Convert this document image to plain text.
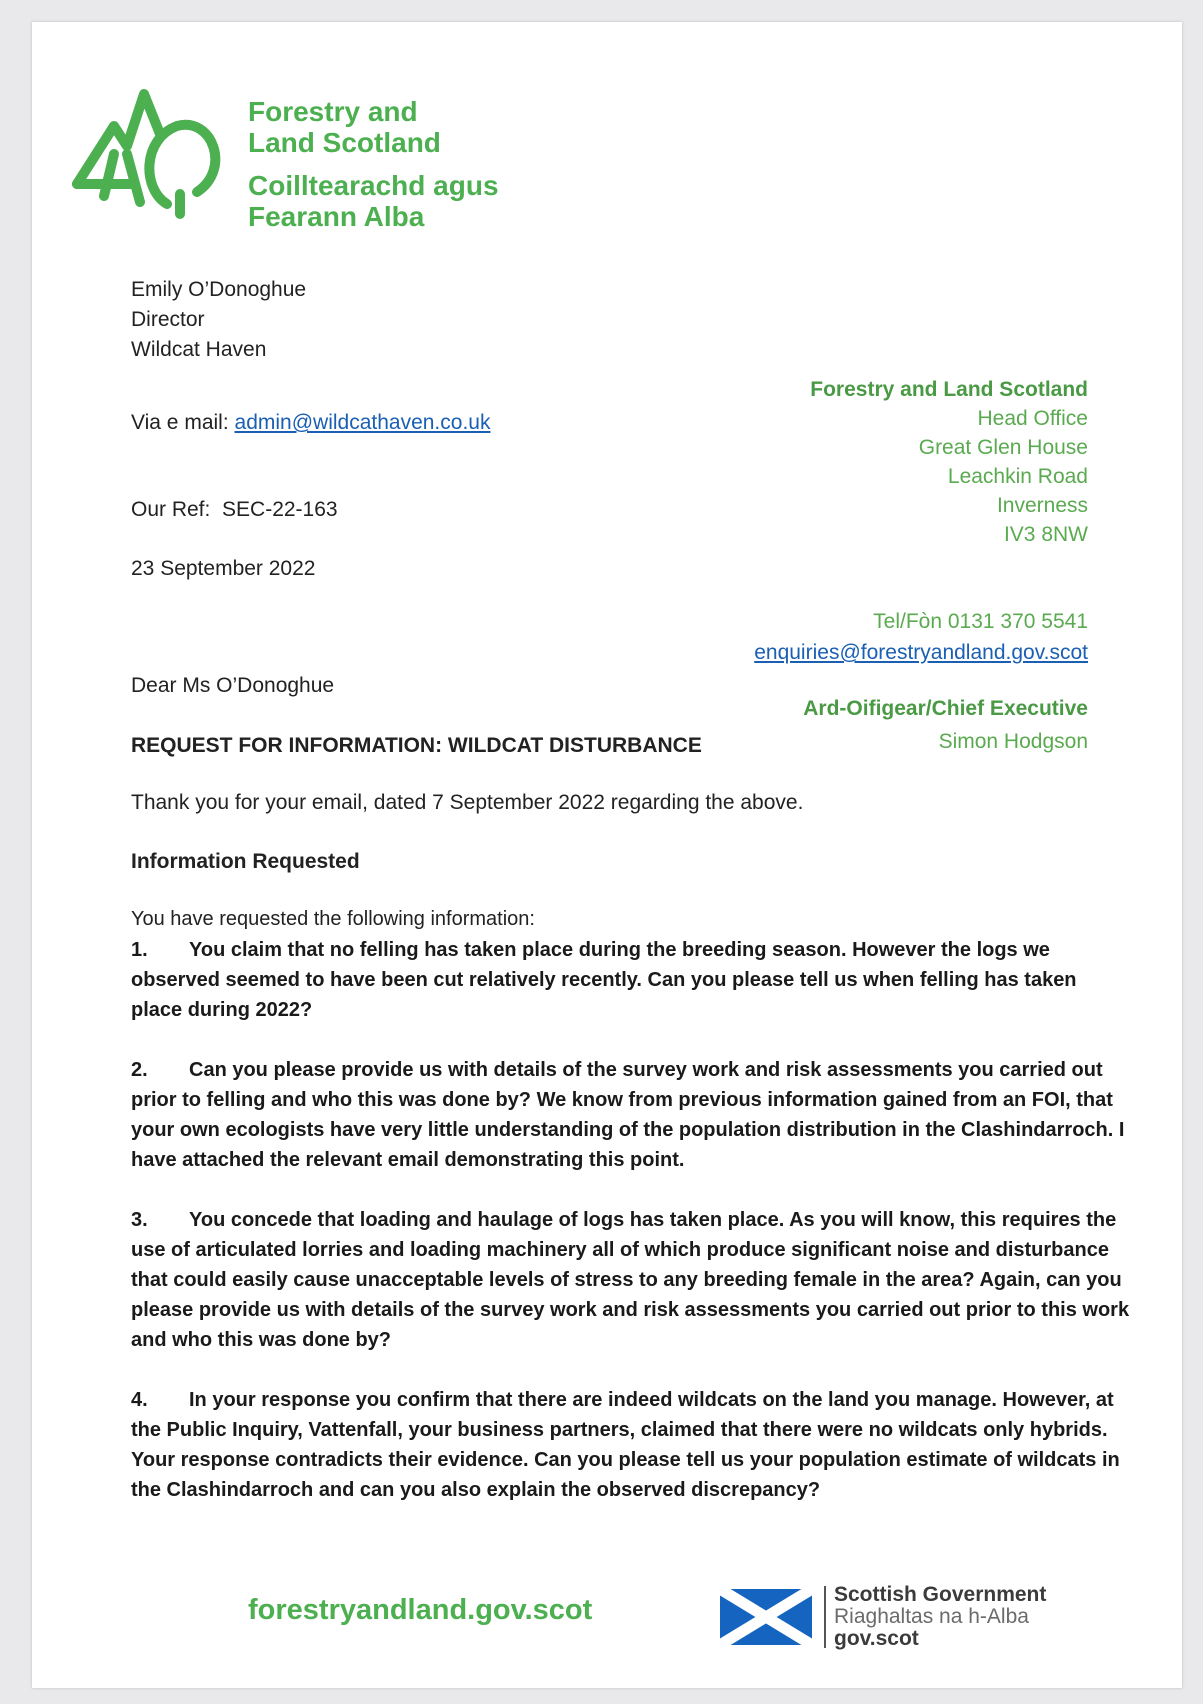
Forestry and
Land Scotland
Coilltearachd agus
Fearann Alba
Emily O’Donoghue
Director
Wildcat Haven
Via e mail: admin@wildcathaven.co.uk
Our Ref: SEC-22-163
23 September 2022
Forestry and Land Scotland
Head Office
Great Glen House
Leachkin Road
Inverness
IV3 8NW
Tel/Fòn 0131 370 5541
enquiries@forestryandland.gov.scot
Ard-Oifigear/Chief Executive
Simon Hodgson
Dear Ms O’Donoghue
REQUEST FOR INFORMATION: WILDCAT DISTURBANCE
Thank you for your email, dated 7 September 2022 regarding the above.
Information Requested
You have requested the following information:
1. You claim that no felling has taken place during the breeding season. However the logs we observed seemed to have been cut relatively recently. Can you please tell us when felling has taken place during 2022?
2. Can you please provide us with details of the survey work and risk assessments you carried out prior to felling and who this was done by? We know from previous information gained from an FOI, that your own ecologists have very little understanding of the population distribution in the Clashindarroch. I have attached the relevant email demonstrating this point.
3. You concede that loading and haulage of logs has taken place. As you will know, this requires the use of articulated lorries and loading machinery all of which produce significant noise and disturbance that could easily cause unacceptable levels of stress to any breeding female in the area? Again, can you please provide us with details of the survey work and risk assessments you carried out prior to this work and who this was done by?
4. In your response you confirm that there are indeed wildcats on the land you manage. However, at the Public Inquiry, Vattenfall, your business partners, claimed that there were no wildcats only hybrids. Your response contradicts their evidence. Can you please tell us your population estimate of wildcats in the Clashindarroch and can you also explain the observed discrepancy?
forestryandland.gov.scot	Scottish Government
Riaghaltas na h-Alba
gov.scot
